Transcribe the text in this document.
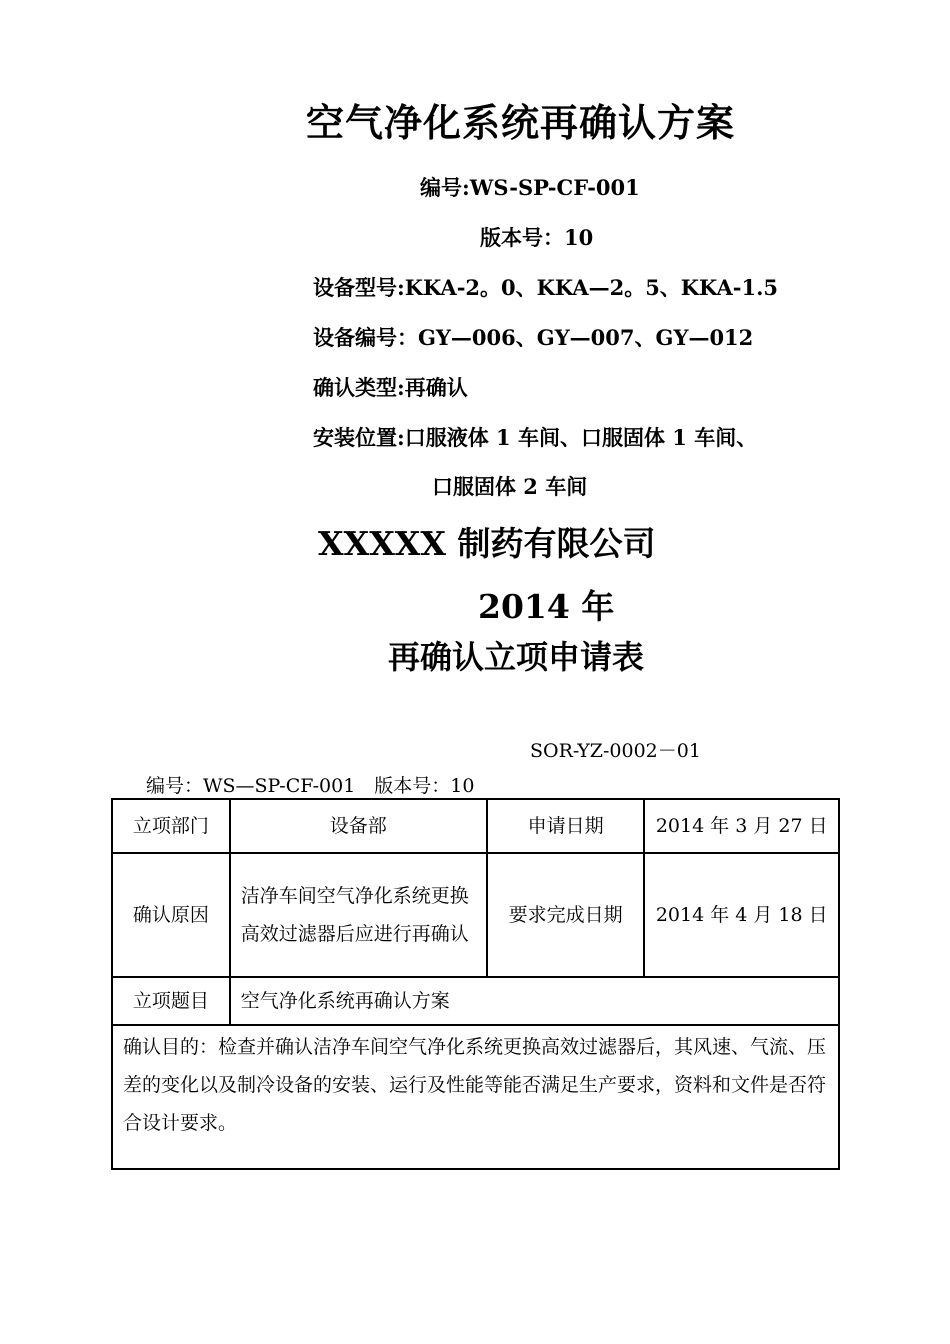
空气净化系统再确认方案
编号:WS-SP-CF-001
版本号：10
设备型号:KKA-2。0、KKA—2。5、KKA-1.5
设备编号：GY—006、GY—007、GY—012
确认类型:再确认
安装位置:口服液体 1 车间、口服固体 1 车间、
口服固体 2 车间
XXXXX 制药有限公司
2014 年
再确认立项申请表
SOR-YZ-0002－01
编号：WS—SP-CF-001　版本号：10
立项部门	设备部	申请日期	2014 年 3 月 27 日
确认原因	洁净车间空气净化系统更换高效过滤器后应进行再确认	要求完成日期	2014 年 4 月 18 日
立项题目	空气净化系统再确认方案		
确认目的：检查并确认洁净车间空气净化系统更换高效过滤器后，其风速、气流、压差的变化以及制冷设备的安装、运行及性能等能否满足生产要求，资料和文件是否符合设计要求。			
